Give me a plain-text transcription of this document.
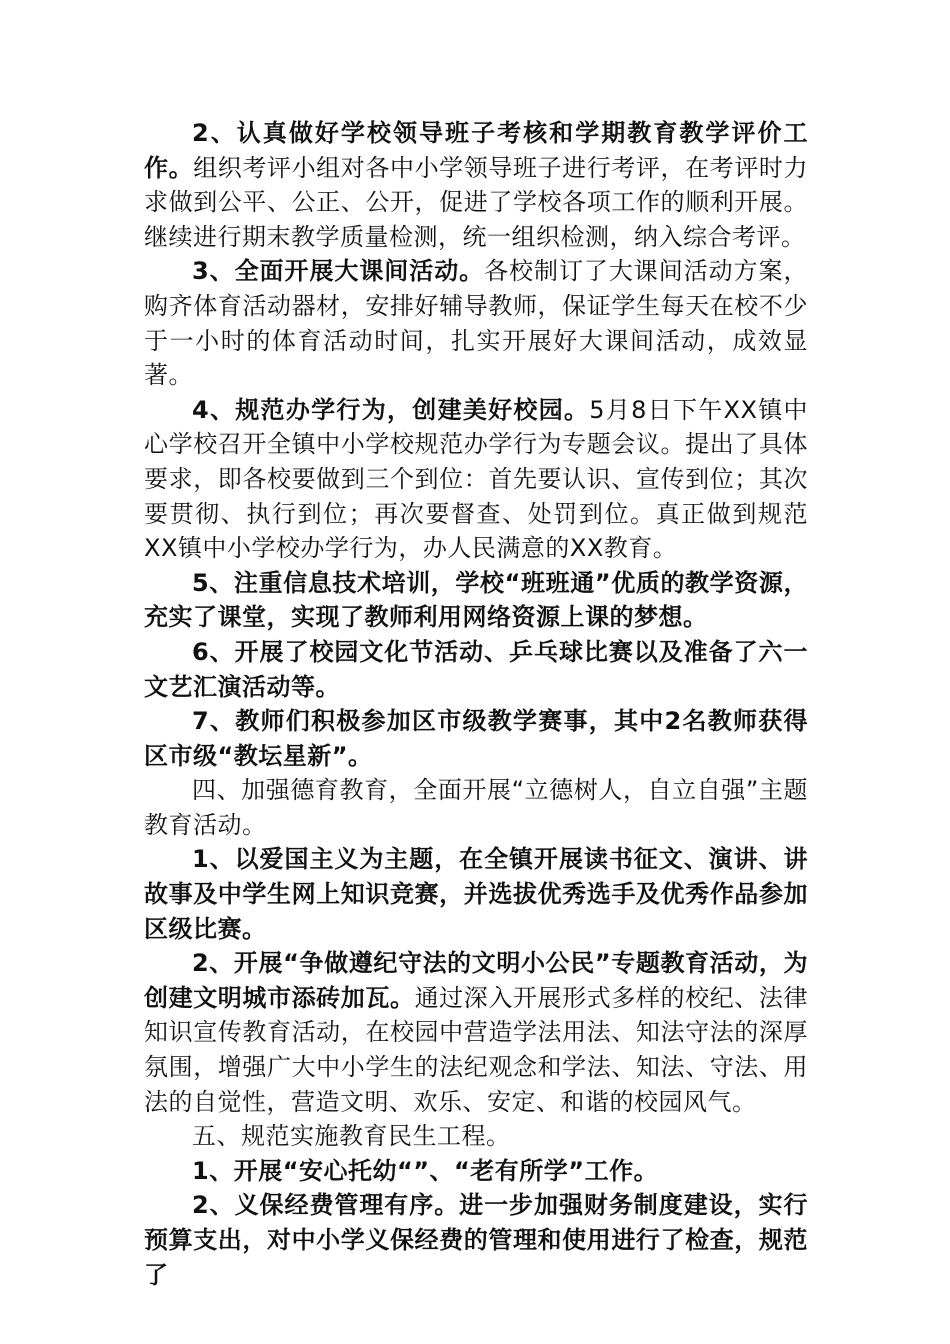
2、认真做好学校领导班子考核和学期教育教学评价工作。组织考评小组对各中小学领导班子进行考评，在考评时力求做到公平、公正、公开，促进了学校各项工作的顺利开展。继续进行期末教学质量检测，统一组织检测，纳入综合考评。

3、全面开展大课间活动。各校制订了大课间活动方案，购齐体育活动器材，安排好辅导教师，保证学生每天在校不少于一小时的体育活动时间，扎实开展好大课间活动，成效显著。

4、规范办学行为，创建美好校园。5月8日下午XX镇中心学校召开全镇中小学校规范办学行为专题会议。提出了具体要求，即各校要做到三个到位：首先要认识、宣传到位；其次要贯彻、执行到位；再次要督查、处罚到位。真正做到规范XX镇中小学校办学行为，办人民满意的XX教育。

5、注重信息技术培训，学校“班班通”优质的教学资源，充实了课堂，实现了教师利用网络资源上课的梦想。

6、开展了校园文化节活动、乒乓球比赛以及准备了六一文艺汇演活动等。

7、教师们积极参加区市级教学赛事，其中2名教师获得区市级“教坛星新”。

四、加强德育教育，全面开展“立德树人，自立自强”主题教育活动。

1、以爱国主义为主题，在全镇开展读书征文、演讲、讲故事及中学生网上知识竞赛，并选拔优秀选手及优秀作品参加区级比赛。

2、开展“争做遵纪守法的文明小公民”专题教育活动，为创建文明城市添砖加瓦。通过深入开展形式多样的校纪、法律知识宣传教育活动，在校园中营造学法用法、知法守法的深厚氛围，增强广大中小学生的法纪观念和学法、知法、守法、用法的自觉性，营造文明、欢乐、安定、和谐的校园风气。

五、规范实施教育民生工程。

1、开展“安心托幼“”、“老有所学”工作。

2、义保经费管理有序。进一步加强财务制度建设，实行预算支出，对中小学义保经费的管理和使用进行了检查，规范了
